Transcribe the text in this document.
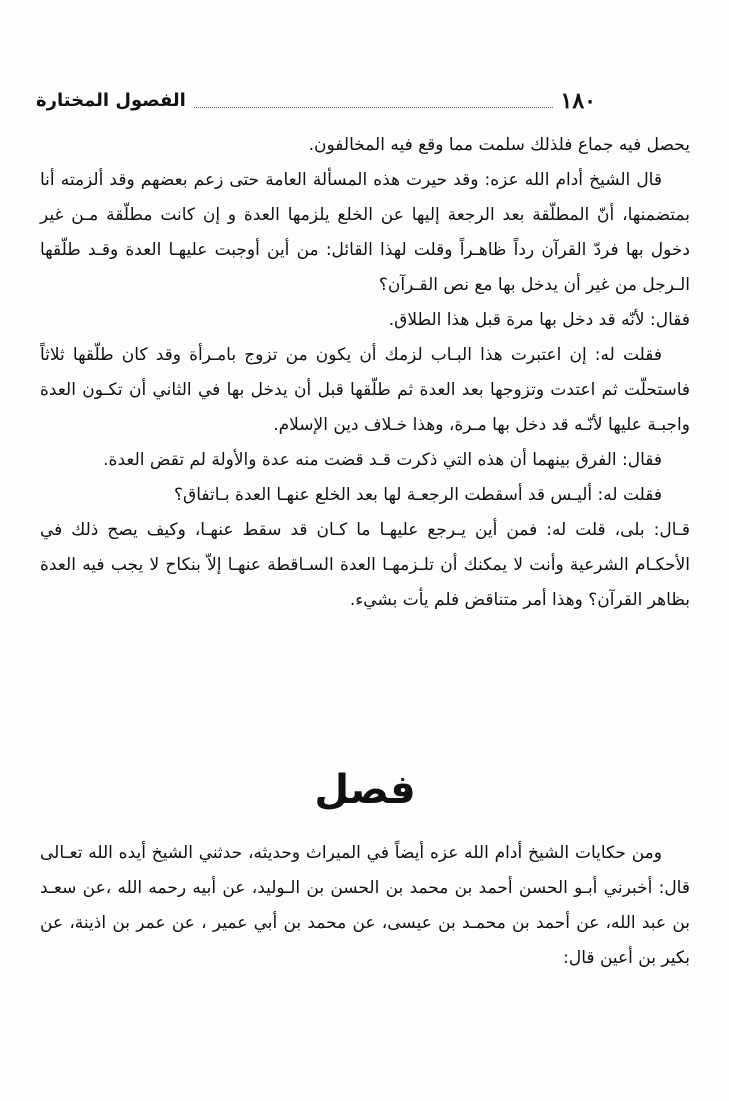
١٨٠
الفصول المختارة

يحصل فيه جماع فلذلك سلمت مما وقع فيه المخالفون.

قال الشيخ أدام الله عزه: وقد حيرت هذه المسألة العامة حتى زعم بعضهم وقد ألزمته أنا بمتضمنها، أنّ المطلّقة بعد الرجعة إليها عن الخلع يلزمها العدة و إن كانت مطلّقة مـن غير دخول بها فردّ القرآن رداً ظاهـراً وقلت لهذا القائل: من أين أوجبت عليهـا العدة وقـد طلّقها الـرجل من غير أن يدخل بها مع نص القـرآن؟

فقال: لأنّه قد دخل بها مرة قبل هذا الطلاق.

فقلت له: إن اعتبرت هذا البـاب لزمك أن يكون من تزوج بامـرأة وقد كان طلّقها ثلاثاً فاستحلّت ثم اعتدت وتزوجها بعد العدة ثم طلّقها قبل أن يدخل بها في الثاني أن تكـون العدة واجبـة عليها لأنّـه قد دخل بها مـرة، وهذا خـلاف دين الإسلام.

فقال: الفرق بينهما أن هذه التي ذكرت قـد قضت منه عدة والأولة لم تقض العدة.

فقلت له: أليـس قد أسقطت الرجعـة لها بعد الخلع عنهـا العدة بـاتفاق؟

قـال: بلى، قلت له: فمن أين يـرجع عليهـا ما كـان قد سقط عنهـا، وكيف يصح ذلك في الأحكـام الشرعية وأنت لا يمكنك أن تلـزمهـا العدة السـاقطة عنهـا إلاّ بنكاح لا يجب فيه العدة بظاهر القرآن؟ وهذا أمر متناقض فلم يأت بشيء.

فصل

ومن حكايات الشيخ أدام الله عزه أيضاً في الميراث وحديثه، حدثني الشيخ أيده الله تعـالى قال: أخبرني أبـو الحسن أحمد بن محمد بن الحسن بن الـوليد، عن أبيه رحمه الله ،عن سعـد بن عبد الله، عن أحمد بن محمـد بن عيسى، عن محمد بن أبي عمير ، عن عمر بن اذينة، عن بكير بن أعين قال:
